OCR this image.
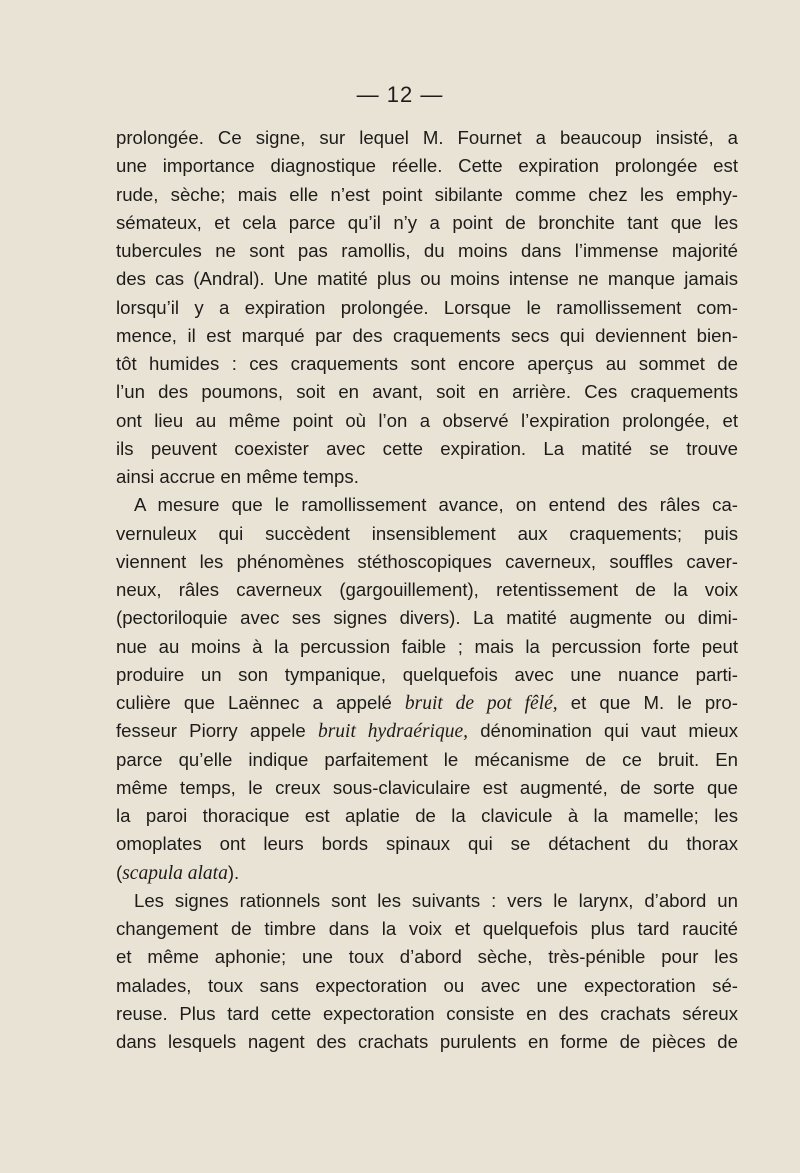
— 12 —
prolongée. Ce signe, sur lequel M. Fournet a beaucoup insisté, a
une importance diagnostique réelle. Cette expiration prolongée est
rude, sèche; mais elle n’est point sibilante comme chez les emphy-
sémateux, et cela parce qu’il n’y a point de bronchite tant que les
tubercules ne sont pas ramollis, du moins dans l’immense majorité
des cas (Andral). Une matité plus ou moins intense ne manque jamais
lorsqu’il y a expiration prolongée. Lorsque le ramollissement com-
mence, il est marqué par des craquements secs qui deviennent bien-
tôt humides : ces craquements sont encore aperçus au sommet de
l’un des poumons, soit en avant, soit en arrière. Ces craquements
ont lieu au même point où l’on a observé l’expiration prolongée, et
ils peuvent coexister avec cette expiration. La matité se trouve
ainsi accrue en même temps.
A mesure que le ramollissement avance, on entend des râles ca-
vernuleux qui succèdent insensiblement aux craquements; puis
viennent les phénomènes stéthoscopiques caverneux, souffles caver-
neux, râles caverneux (gargouillement), retentissement de la voix
(pectoriloquie avec ses signes divers). La matité augmente ou dimi-
nue au moins à la percussion faible ; mais la percussion forte peut
produire un son tympanique, quelquefois avec une nuance parti-
culière que Laënnec a appelé bruit de pot fêlé, et que M. le pro-
fesseur Piorry appele bruit hydraérique, dénomination qui vaut mieux
parce qu’elle indique parfaitement le mécanisme de ce bruit. En
même temps, le creux sous-claviculaire est augmenté, de sorte que
la paroi thoracique est aplatie de la clavicule à la mamelle; les
omoplates ont leurs bords spinaux qui se détachent du thorax
(scapula alata).
Les signes rationnels sont les suivants : vers le larynx, d’abord un
changement de timbre dans la voix et quelquefois plus tard raucité
et même aphonie; une toux d’abord sèche, très-pénible pour les
malades, toux sans expectoration ou avec une expectoration sé-
reuse. Plus tard cette expectoration consiste en des crachats séreux
dans lesquels nagent des crachats purulents en forme de pièces de
